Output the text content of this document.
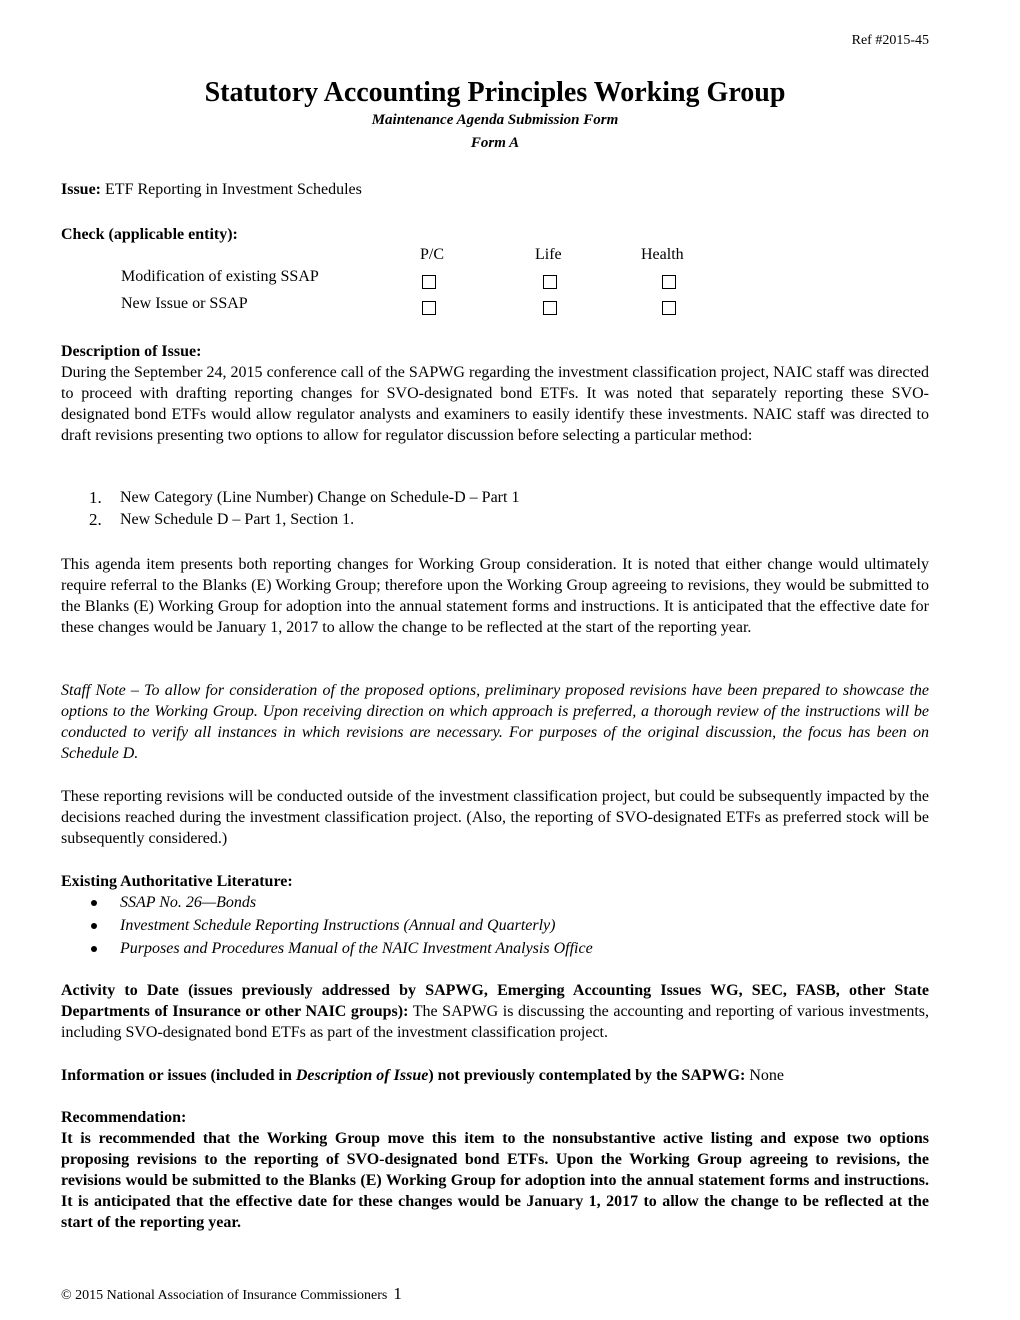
Ref #2015-45
Statutory Accounting Principles Working Group
Maintenance Agenda Submission Form
Form A
Issue: ETF Reporting in Investment Schedules
Check (applicable entity):
P/C	Life	Health
Modification of existing SSAP
New Issue or SSAP
Description of Issue:
During the September 24, 2015 conference call of the SAPWG regarding the investment classification project, NAIC staff was directed to proceed with drafting reporting changes for SVO-designated bond ETFs. It was noted that separately reporting these SVO-designated bond ETFs would allow regulator analysts and examiners to easily identify these investments. NAIC staff was directed to draft revisions presenting two options to allow for regulator discussion before selecting a particular method:
1. New Category (Line Number) Change on Schedule-D – Part 1
2. New Schedule D – Part 1, Section 1.
This agenda item presents both reporting changes for Working Group consideration. It is noted that either change would ultimately require referral to the Blanks (E) Working Group; therefore upon the Working Group agreeing to revisions, they would be submitted to the Blanks (E) Working Group for adoption into the annual statement forms and instructions. It is anticipated that the effective date for these changes would be January 1, 2017 to allow the change to be reflected at the start of the reporting year.
Staff Note – To allow for consideration of the proposed options, preliminary proposed revisions have been prepared to showcase the options to the Working Group. Upon receiving direction on which approach is preferred, a thorough review of the instructions will be conducted to verify all instances in which revisions are necessary. For purposes of the original discussion, the focus has been on Schedule D.
These reporting revisions will be conducted outside of the investment classification project, but could be subsequently impacted by the decisions reached during the investment classification project. (Also, the reporting of SVO-designated ETFs as preferred stock will be subsequently considered.)
Existing Authoritative Literature:
SSAP No. 26—Bonds
Investment Schedule Reporting Instructions (Annual and Quarterly)
Purposes and Procedures Manual of the NAIC Investment Analysis Office
Activity to Date (issues previously addressed by SAPWG, Emerging Accounting Issues WG, SEC, FASB, other State Departments of Insurance or other NAIC groups): The SAPWG is discussing the accounting and reporting of various investments, including SVO-designated bond ETFs as part of the investment classification project.
Information or issues (included in Description of Issue) not previously contemplated by the SAPWG: None
Recommendation:
It is recommended that the Working Group move this item to the nonsubstantive active listing and expose two options proposing revisions to the reporting of SVO-designated bond ETFs. Upon the Working Group agreeing to revisions, the revisions would be submitted to the Blanks (E) Working Group for adoption into the annual statement forms and instructions. It is anticipated that the effective date for these changes would be January 1, 2017 to allow the change to be reflected at the start of the reporting year.
© 2015 National Association of Insurance Commissioners 1
